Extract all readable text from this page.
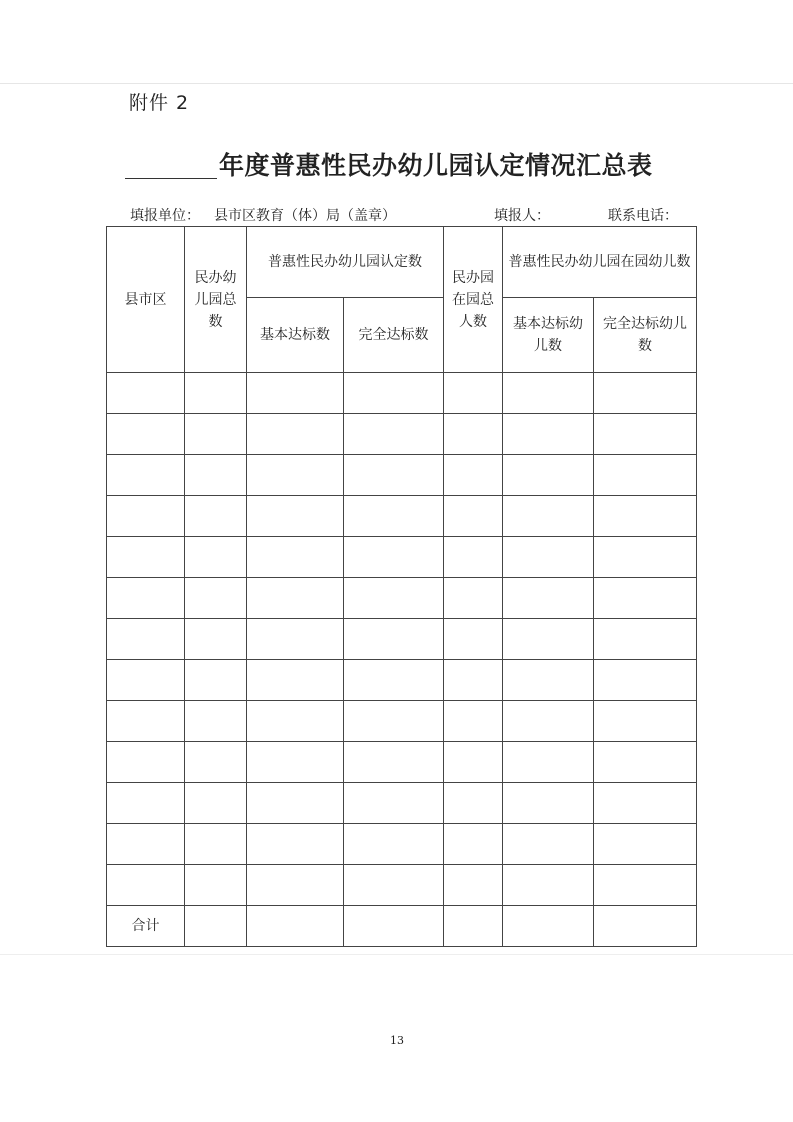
附件 2
年度普惠性民办幼儿园认定情况汇总表
填报单位： 县市区教育（体）局（盖章）	填报人：	联系电话：
县市区	民办幼儿园总数	普惠性民办幼儿园认定数		民办园在园总人数	普惠性民办幼儿园在园幼儿数	
		基本达标数	完全达标数		基本达标幼儿数	完全达标幼儿数

合计						
13
